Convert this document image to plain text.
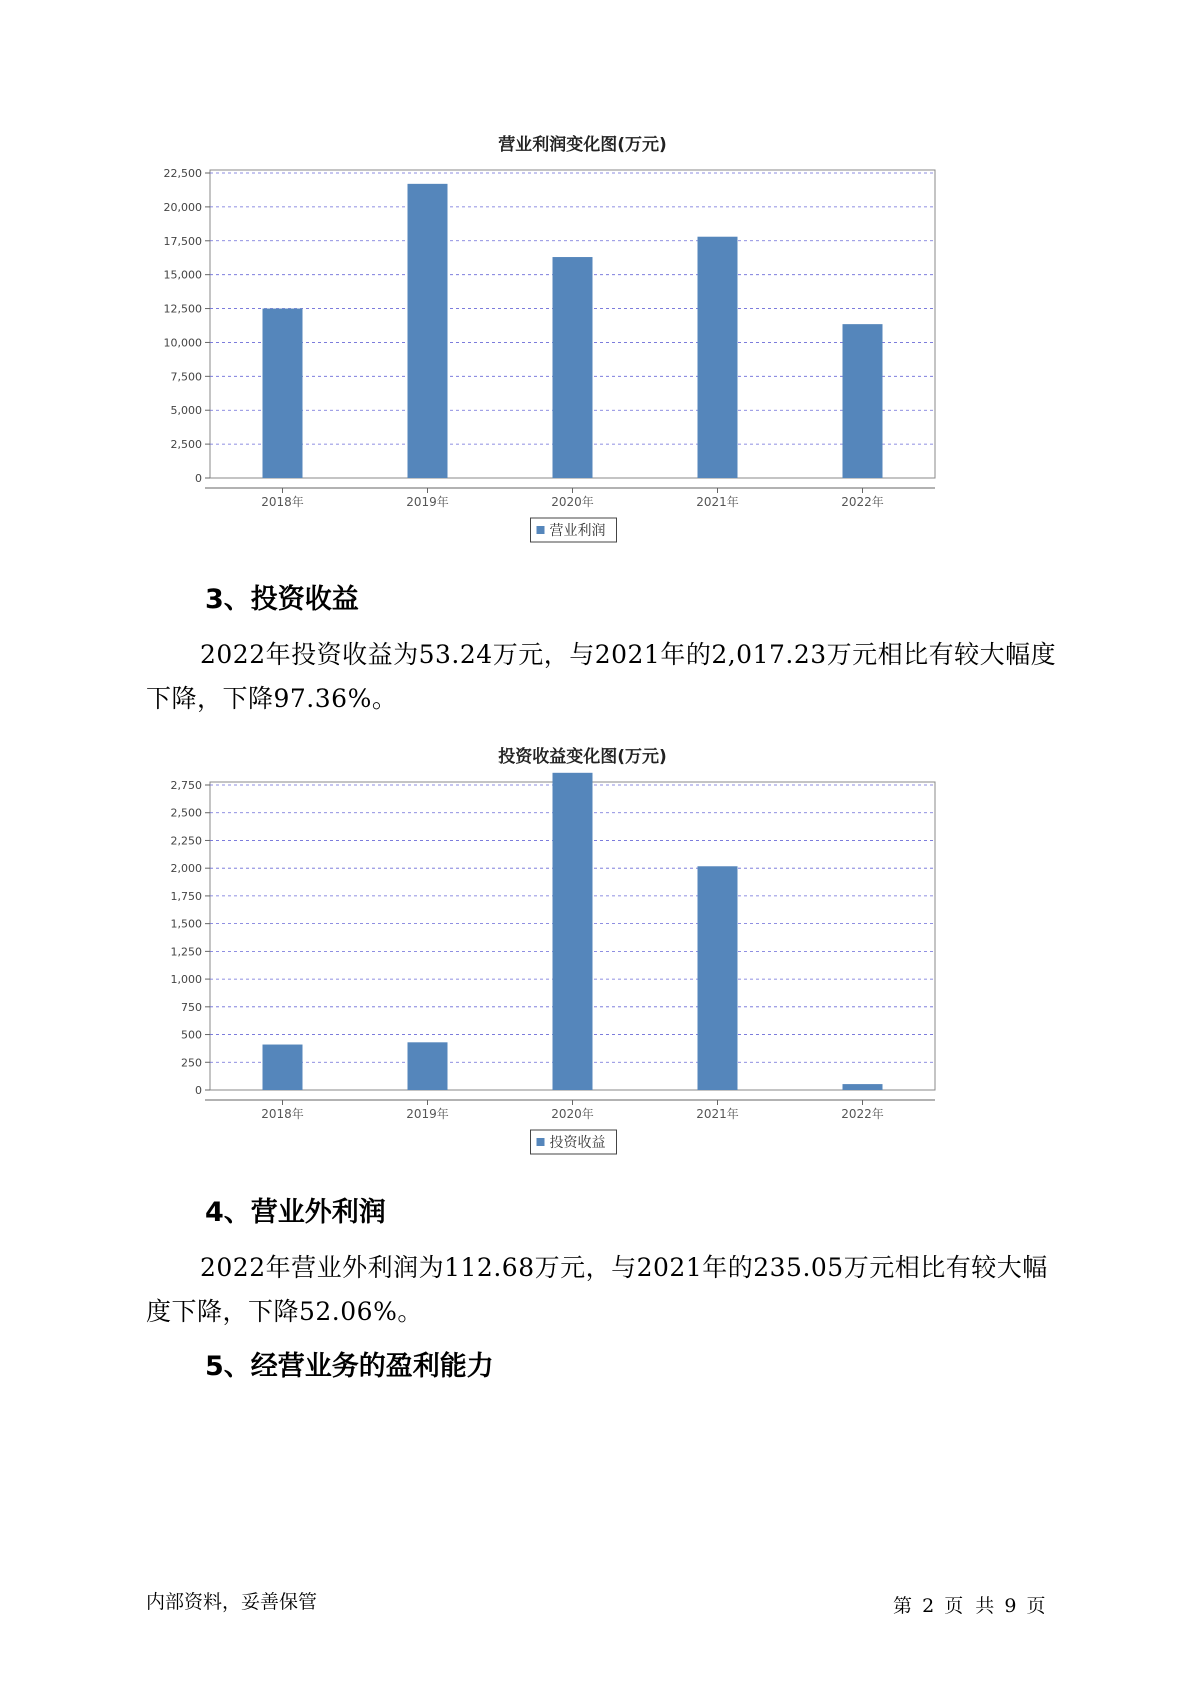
营业利润变化图(万元)
0
2,500
5,000
7,500
10,000
12,500
15,000
17,500
20,000
22,500
2018年	2019年	2020年	2021年	2022年
营业利润
3、投资收益

2022年投资收益为53.24万元，与2021年的2,017.23万元相比有较大幅度下降，下降97.36%。

投资收益变化图(万元)
0
250
500
750
1,000
1,250
1,500
1,750
2,000
2,250
2,500
2,750
2018年	2019年	2020年	2021年	2022年
投资收益
4、营业外利润

2022年营业外利润为112.68万元，与2021年的235.05万元相比有较大幅度下降，下降52.06%。

5、经营业务的盈利能力
内部资料，妥善保管	第 2 页  共 9 页
